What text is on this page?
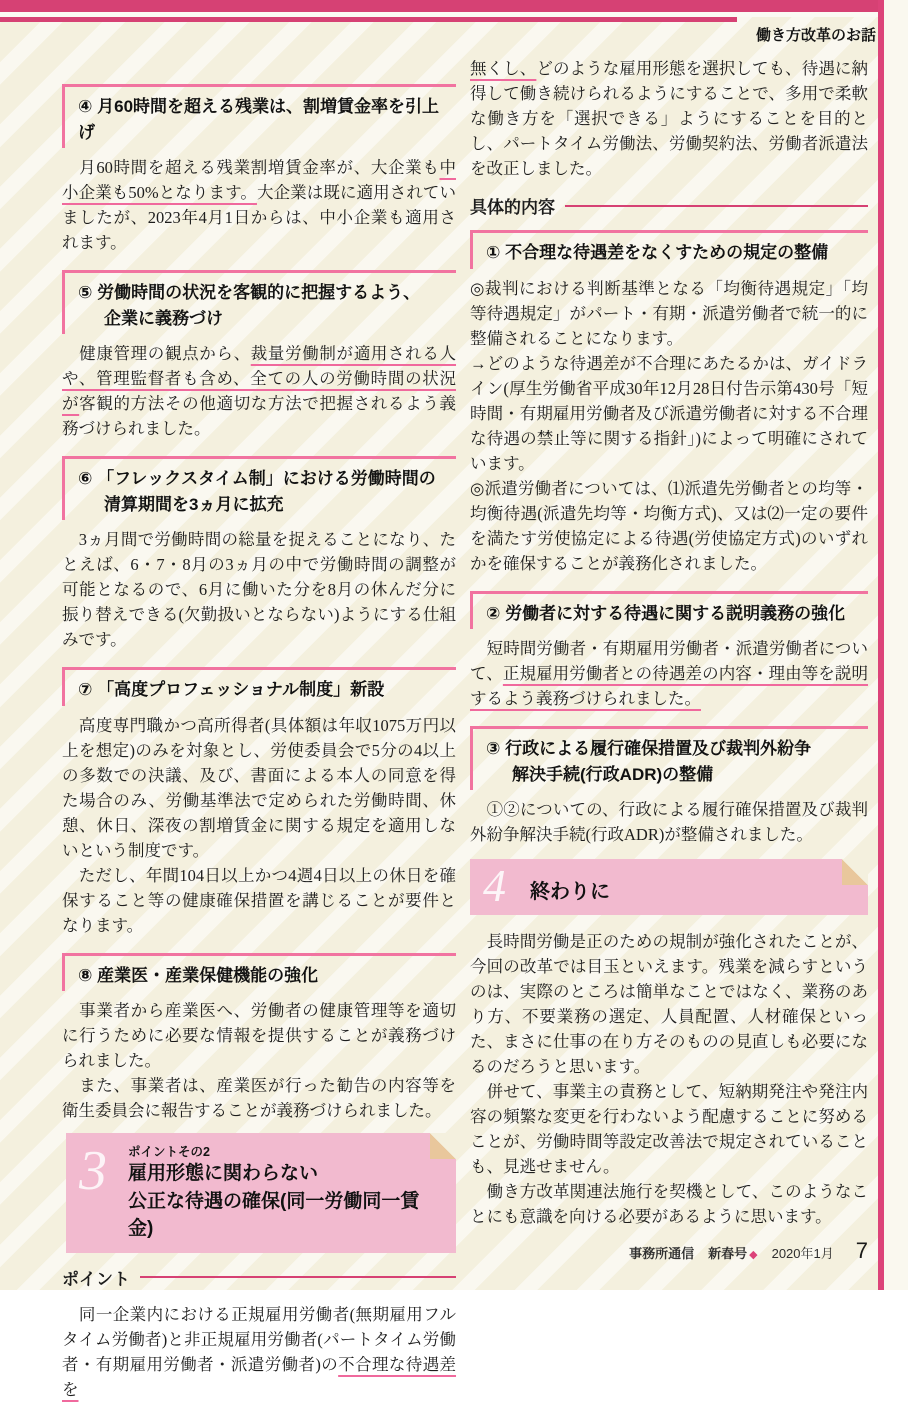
働き方改革のお話
④ 月60時間を超える残業は、割増賃金率を引上げ

　月60時間を超える残業割増賃金率が、大企業も中小企業も50%となります。大企業は既に適用されていましたが、2023年4月1日からは、中小企業も適用されます。

⑤ 労働時間の状況を客観的に把握するよう、
企業に義務づけ

　健康管理の観点から、裁量労働制が適用される人や、管理監督者も含め、全ての人の労働時間の状況が客観的方法その他適切な方法で把握されるよう義務づけられました。

⑥ 「フレックスタイム制」における労働時間の
清算期間を3ヵ月に拡充

　3ヵ月間で労働時間の総量を捉えることになり、たとえば、6・7・8月の3ヵ月の中で労働時間の調整が可能となるので、6月に働いた分を8月の休んだ分に振り替えできる(欠勤扱いとならない)ようにする仕組みです。

⑦ 「高度プロフェッショナル制度」新設

　高度専門職かつ高所得者(具体額は年収1075万円以上を想定)のみを対象とし、労使委員会で5分の4以上の多数での決議、及び、書面による本人の同意を得た場合のみ、労働基準法で定められた労働時間、休憩、休日、深夜の割増賃金に関する規定を適用しないという制度です。

　ただし、年間104日以上かつ4週4日以上の休日を確保すること等の健康確保措置を講じることが要件となります。

⑧ 産業医・産業保健機能の強化

　事業者から産業医へ、労働者の健康管理等を適切に行うために必要な情報を提供することが義務づけられました。

　また、事業者は、産業医が行った勧告の内容等を衛生委員会に報告することが義務づけられました。

3 ポイントその2
雇用形態に関わらない
公正な待遇の確保(同一労働同一賃金)
ポイント

　同一企業内における正規雇用労働者(無期雇用フルタイム労働者)と非正規雇用労働者(パートタイム労働者・有期雇用労働者・派遣労働者)の不合理な待遇差を

無くし、どのような雇用形態を選択しても、待遇に納得して働き続けられるようにすることで、多用で柔軟な働き方を「選択できる」ようにすることを目的とし、パートタイム労働法、労働契約法、労働者派遣法を改正しました。

具体的内容
① 不合理な待遇差をなくすための規定の整備

◎裁判における判断基準となる「均衡待遇規定」「均等待遇規定」がパート・有期・派遣労働者で統一的に整備されることになります。

→どのような待遇差が不合理にあたるかは、ガイドライン(厚生労働省平成30年12月28日付告示第430号「短時間・有期雇用労働者及び派遣労働者に対する不合理な待遇の禁止等に関する指針」)によって明確にされています。

◎派遣労働者については、⑴派遣先労働者との均等・均衡待遇(派遣先均等・均衡方式)、又は⑵一定の要件を満たす労使協定による待遇(労使協定方式)のいずれかを確保することが義務化されました。

② 労働者に対する待遇に関する説明義務の強化

　短時間労働者・有期雇用労働者・派遣労働者について、正規雇用労働者との待遇差の内容・理由等を説明するよう義務づけられました。

③ 行政による履行確保措置及び裁判外紛争
解決手続(行政ADR)の整備

　①②についての、行政による履行確保措置及び裁判外紛争解決手続(行政ADR)が整備されました。

4 終わりに

　長時間労働是正のための規制が強化されたことが、今回の改革では目玉といえます。残業を減らすというのは、実際のところは簡単なことではなく、業務のあり方、不要業務の選定、人員配置、人材確保といった、まさに仕事の在り方そのものの見直しも必要になるのだろうと思います。

　併せて、事業主の責務として、短納期発注や発注内容の頻繁な変更を行わないよう配慮することに努めることが、労働時間等設定改善法で規定されていることも、見逃せません。

　働き方改革関連法施行を契機として、このようなことにも意識を向ける必要があるように思います。

事務所通信 新春号 ◆ 2020年1月 7
